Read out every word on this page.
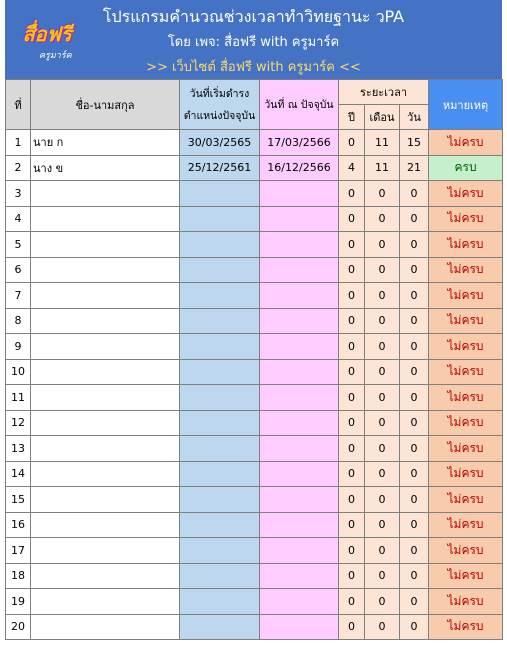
สื่อฟรี
ครูมาร์ค
โปรแกรมคำนวณช่วงเวลาทำวิทยฐานะ วPA
โดย เพจ: สื่อฟรี with ครูมาร์ค
>> เว็บไซต์ สื่อฟรี with ครูมาร์ค <<
ที่	ชื่อ-นามสกุล	วันที่เริ่มดำรง
ตำแหน่งปัจจุบัน	วันที่ ณ ปัจจุบัน	ระยะเวลา			หมายเหตุ
				ปี	เดือน	วัน	
1	นาย ก	30/03/2565	17/03/2566	0	11	15	ไม่ครบ
2	นาง ข	25/12/2561	16/12/2566	4	11	21	ครบ
3				0	0	0	ไม่ครบ
4				0	0	0	ไม่ครบ
5				0	0	0	ไม่ครบ
6				0	0	0	ไม่ครบ
7				0	0	0	ไม่ครบ
8				0	0	0	ไม่ครบ
9				0	0	0	ไม่ครบ
10				0	0	0	ไม่ครบ
11				0	0	0	ไม่ครบ
12				0	0	0	ไม่ครบ
13				0	0	0	ไม่ครบ
14				0	0	0	ไม่ครบ
15				0	0	0	ไม่ครบ
16				0	0	0	ไม่ครบ
17				0	0	0	ไม่ครบ
18				0	0	0	ไม่ครบ
19				0	0	0	ไม่ครบ
20				0	0	0	ไม่ครบ
